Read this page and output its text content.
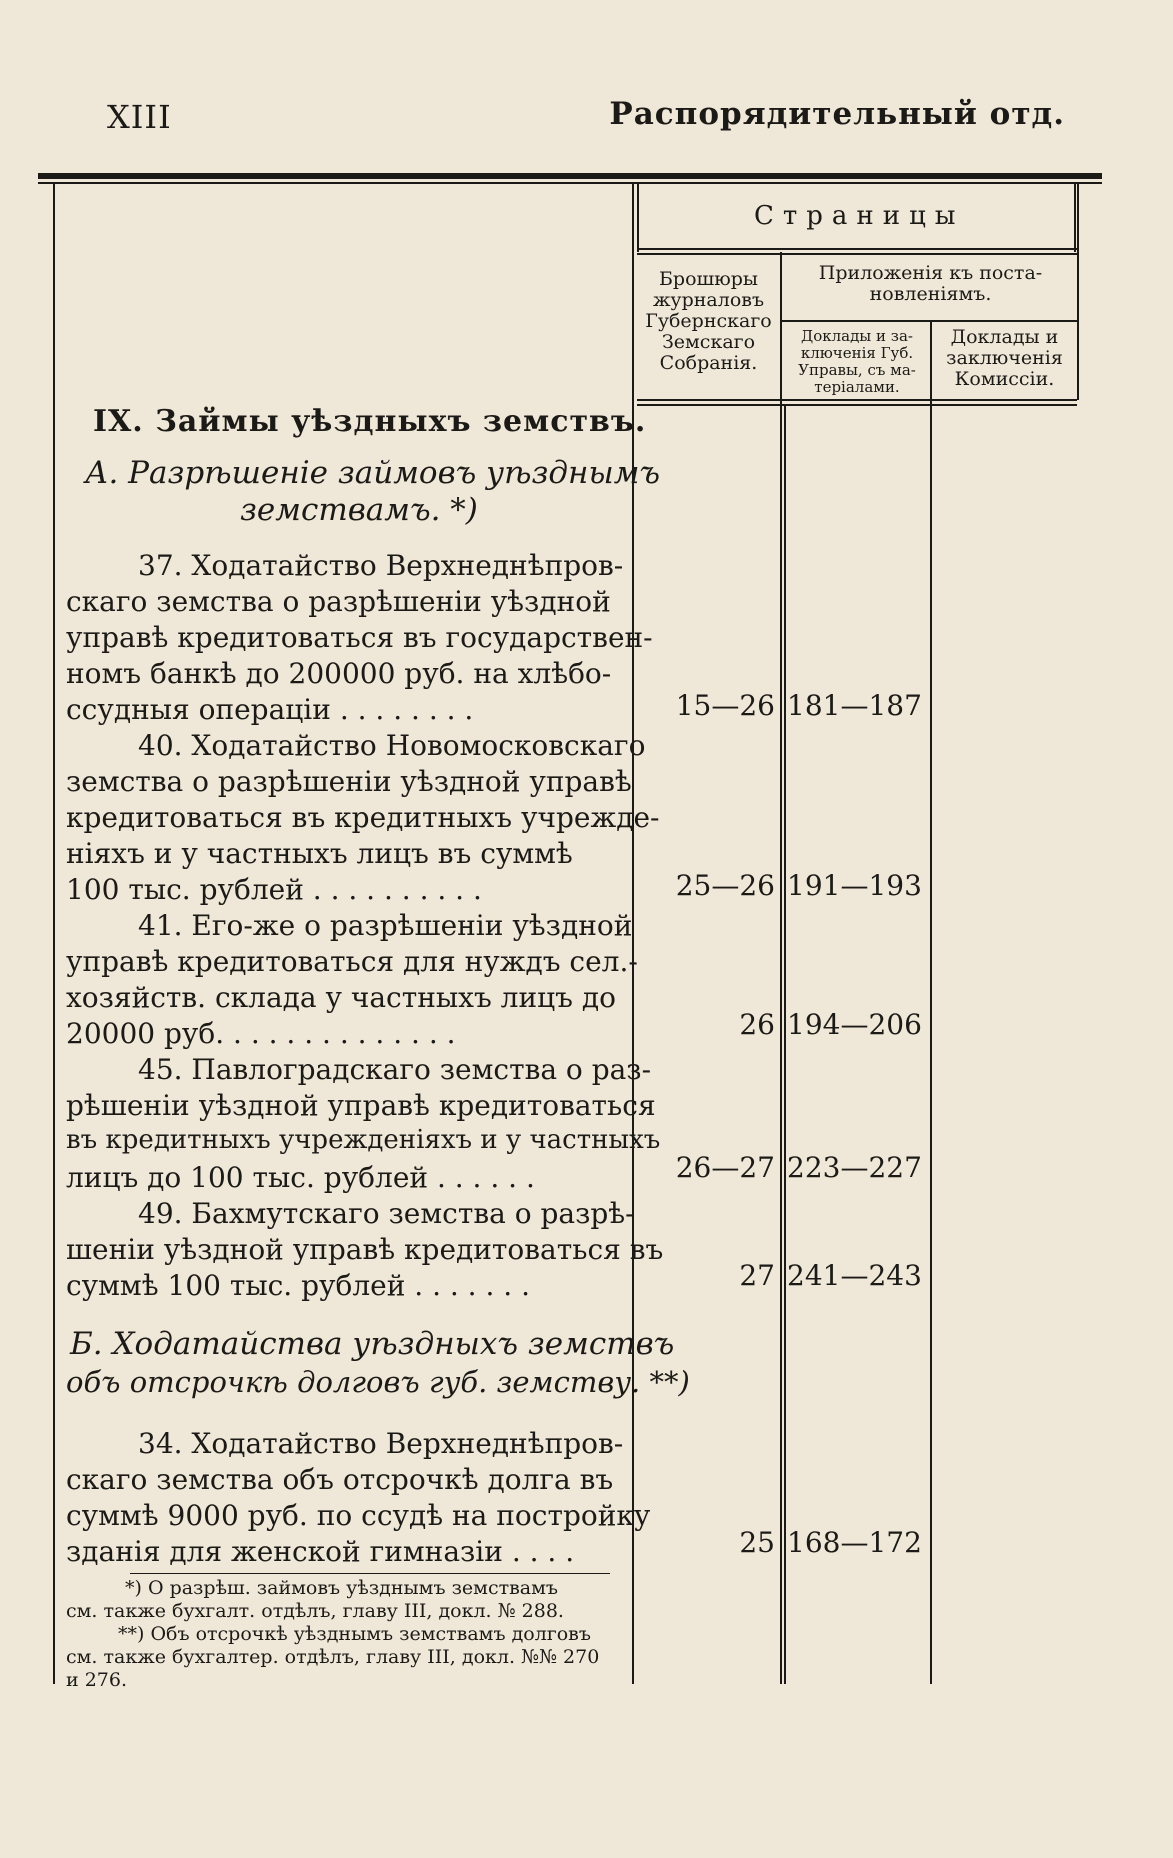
XIII	Распорядительный отд.
Страницы
Брошюры
журналовъ
Губернскаго
Земскаго
Собранія.
Приложенія къ поста-
новленіямъ.
Доклады и за-
ключенія Губ.
Управы, съ ма-
теріалами.
Доклады и
заключенія
Комиссіи.
IX. Займы уѣздныхъ земствъ.
А. Разрѣшеніе займовъ уѣзднымъ
земствамъ. *)
37. Ходатайство Верхнеднѣпров-
скаго земства о разрѣшеніи уѣздной
управѣ кредитоваться въ государствен-
номъ банкѣ до 200000 руб. на хлѣбо-
ссудныя операціи . . . . . . . .
40. Ходатайство Новомосковскаго
земства о разрѣшеніи уѣздной управѣ
кредитоваться въ кредитныхъ учрежде-
ніяхъ и у частныхъ лицъ въ суммѣ
100 тыс. рублей . . . . . . . . . .
41. Его-же о разрѣшеніи уѣздной
управѣ кредитоваться для нуждъ сел.-
хозяйств. склада у частныхъ лицъ до
20000 руб. . . . . . . . . . . . . .
45. Павлоградскаго земства о раз-
рѣшеніи уѣздной управѣ кредитоваться
въ кредитныхъ учрежденіяхъ и у частныхъ
лицъ до 100 тыс. рублей . . . . . .
49. Бахмутскаго земства о разрѣ-
шеніи уѣздной управѣ кредитоваться въ
суммѣ 100 тыс. рублей . . . . . . .
Б. Ходатайства уѣздныхъ земствъ
объ отсрочкѣ долговъ губ. земству. **)
34. Ходатайство Верхнеднѣпров-
скаго земства объ отсрочкѣ долга въ
суммѣ 9000 руб. по ссудѣ на постройку
зданія для женской гимназіи . . . .
15—26
25—26
26
26—27
27
25
181—187
191—193
194—206
223—227
241—243
168—172
*) О разрѣш. займовъ уѣзднымъ земствамъ
см. также бухгалт. отдѣлъ, главу III, докл. № 288.
**) Объ отсрочкѣ уѣзднымъ земствамъ долговъ
см. также бухгалтер. отдѣлъ, главу III, докл. №№ 270
и 276.
